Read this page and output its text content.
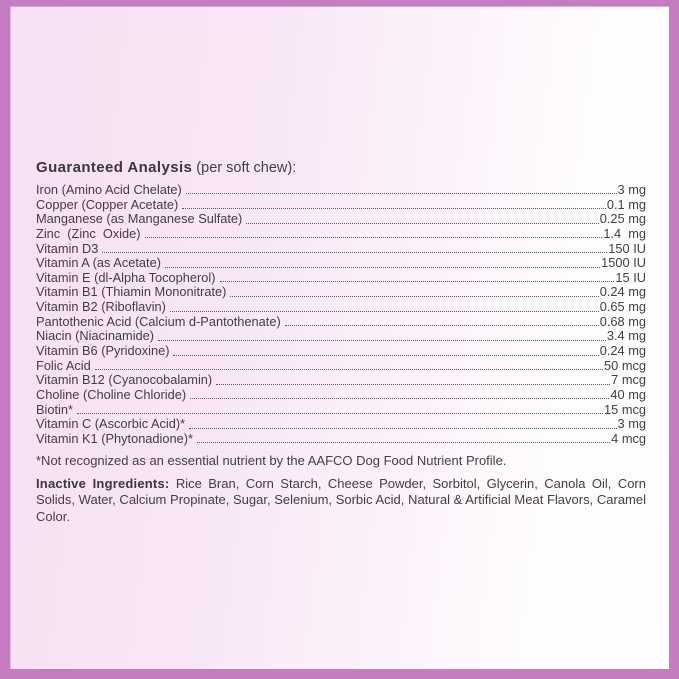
Guaranteed Analysis (per soft chew):
Iron (Amino Acid Chelate)	3 mg
Copper (Copper Acetate)	0.1 mg
Manganese (as Manganese Sulfate)	0.25 mg
Zinc  (Zinc  Oxide)	1.4  mg
Vitamin D3	150 IU
Vitamin A (as Acetate)	1500 IU
Vitamin E (dl-Alpha Tocopherol)	15 IU
Vitamin B1 (Thiamin Mononitrate)	0.24 mg
Vitamin B2 (Riboflavin)	0.65 mg
Pantothenic Acid (Calcium d-Pantothenate)	0.68 mg
Niacin (Niacinamide)	3.4 mg
Vitamin B6 (Pyridoxine)	0.24 mg
Folic Acid	50 mcg
Vitamin B12 (Cyanocobalamin)	7 mcg
Choline (Choline Chloride)	40 mg
Biotin*	15 mcg
Vitamin C (Ascorbic Acid)*	3 mg
Vitamin K1 (Phytonadione)*	4 mcg

*Not recognized as an essential nutrient by the AAFCO Dog Food Nutrient Profile.

Inactive Ingredients: Rice Bran, Corn Starch, Cheese Powder, Sorbitol, Glycerin, Canola Oil, Corn Solids, Water, Calcium Propinate, Sugar, Selenium, Sorbic Acid, Natural & Artificial Meat Flavors, Caramel Color.
